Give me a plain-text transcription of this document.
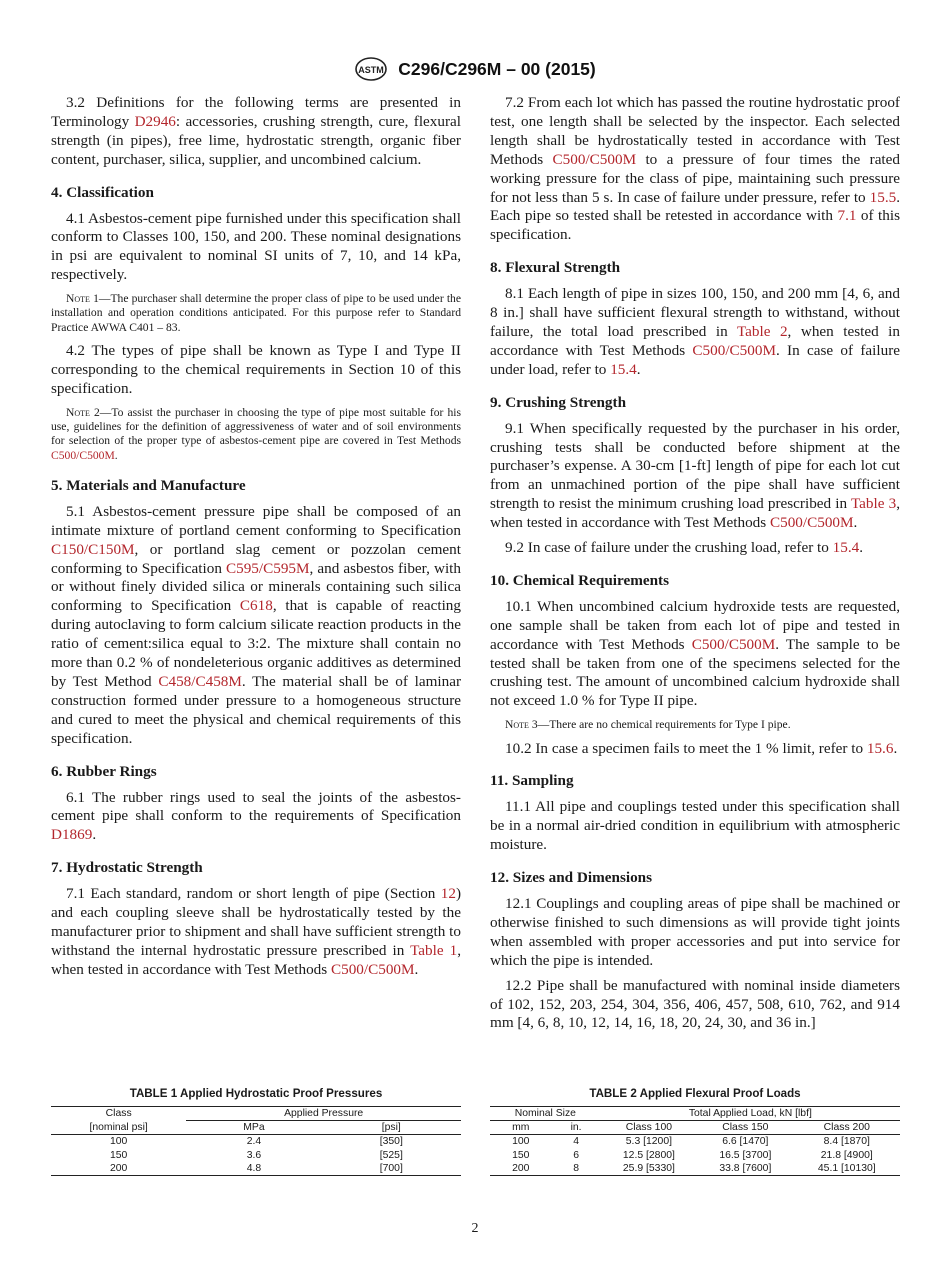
ASTM C296/C296M – 00 (2015)

3.2 Definitions for the following terms are presented in Terminology D2946: accessories, crushing strength, cure, flexural strength (in pipes), free lime, hydrostatic strength, organic fiber content, purchaser, silica, supplier, and uncombined calcium.

4. Classification

4.1 Asbestos-cement pipe furnished under this specification shall conform to Classes 100, 150, and 200. These nominal designations in psi are equivalent to nominal SI units of 7, 10, and 14 kPa, respectively.

Note 1—The purchaser shall determine the proper class of pipe to be used under the installation and operation conditions anticipated. For this purpose refer to Standard Practice AWWA C401 – 83.

4.2 The types of pipe shall be known as Type I and Type II corresponding to the chemical requirements in Section 10 of this specification.

Note 2—To assist the purchaser in choosing the type of pipe most suitable for his use, guidelines for the definition of aggressiveness of water and of soil environments for selection of the proper type of asbestos-cement pipe are covered in Test Methods C500/C500M.
5. Materials and Manufacture

5.1 Asbestos-cement pressure pipe shall be composed of an intimate mixture of portland cement conforming to Specification C150/C150M, or portland slag cement or pozzolan cement conforming to Specification C595/C595M, and asbestos fiber, with or without finely divided silica or minerals containing such silica conforming to Specification C618, that is capable of reacting during autoclaving to form calcium silicate reaction products in the ratio of cement:silica equal to 3:2. The mixture shall contain no more than 0.2 % of nondeleterious organic additives as determined by Test Method C458/C458M. The material shall be of laminar construction formed under pressure to a homogeneous structure and cured to meet the physical and chemical requirements of this specification.

6. Rubber Rings

6.1 The rubber rings used to seal the joints of the asbestos-cement pipe shall conform to the requirements of Specification D1869.

7. Hydrostatic Strength

7.1 Each standard, random or short length of pipe (Section 12) and each coupling sleeve shall be hydrostatically tested by the manufacturer prior to shipment and shall have sufficient strength to withstand the internal hydrostatic pressure prescribed in Table 1, when tested in accordance with Test Methods C500/C500M.

7.2 From each lot which has passed the routine hydrostatic proof test, one length shall be selected by the inspector. Each selected length shall be hydrostatically tested in accordance with Test Methods C500/C500M to a pressure of four times the rated working pressure for the class of pipe, maintaining such pressure for not less than 5 s. In case of failure under pressure, refer to 15.5. Each pipe so tested shall be retested in accordance with 7.1 of this specification.

8. Flexural Strength

8.1 Each length of pipe in sizes 100, 150, and 200 mm [4, 6, and 8 in.] shall have sufficient flexural strength to withstand, without failure, the total load prescribed in Table 2, when tested in accordance with Test Methods C500/C500M. In case of failure under load, refer to 15.4.

9. Crushing Strength

9.1 When specifically requested by the purchaser in his order, crushing tests shall be conducted before shipment at the purchaser’s expense. A 30-cm [1-ft] length of pipe for each lot cut from an unmachined portion of the pipe shall have sufficient strength to resist the minimum crushing load prescribed in Table 3, when tested in accordance with Test Methods C500/C500M.

9.2 In case of failure under the crushing load, refer to 15.4.

10. Chemical Requirements

10.1 When uncombined calcium hydroxide tests are requested, one sample shall be taken from each lot of pipe and tested in accordance with Test Methods C500/C500M. The sample to be tested shall be taken from one of the specimens selected for the crushing test. The amount of uncombined calcium hydroxide shall not exceed 1.0 % for Type II pipe.

Note 3—There are no chemical requirements for Type I pipe.

10.2 In case a specimen fails to meet the 1 % limit, refer to 15.6.

11. Sampling

11.1 All pipe and couplings tested under this specification shall be in a normal air-dried condition in equilibrium with atmospheric moisture.

12. Sizes and Dimensions

12.1 Couplings and coupling areas of pipe shall be machined or otherwise finished to such dimensions as will provide tight joints when assembled with proper accessories and put into service for which the pipe is intended.

12.2 Pipe shall be manufactured with nominal inside diameters of 102, 152, 203, 254, 304, 356, 406, 457, 508, 610, 762, and 914 mm [4, 6, 8, 10, 12, 14, 16, 18, 20, 24, 30, and 36 in.]

TABLE 1 Applied Hydrostatic Proof Pressures
Class	Applied Pressure	
[nominal psi]	MPa	[psi]
100	2.4	[350]
150	3.6	[525]
200	4.8	[700]
TABLE 2 Applied Flexural Proof Loads
Nominal Size		Total Applied Load, kN [lbf]		
mm	in.	Class 100	Class 150	Class 200
100	4	5.3 [1200]	6.6 [1470]	8.4 [1870]
150	6	12.5 [2800]	16.5 [3700]	21.8 [4900]
200	8	25.9 [5330]	33.8 [7600]	45.1 [10130]
2
